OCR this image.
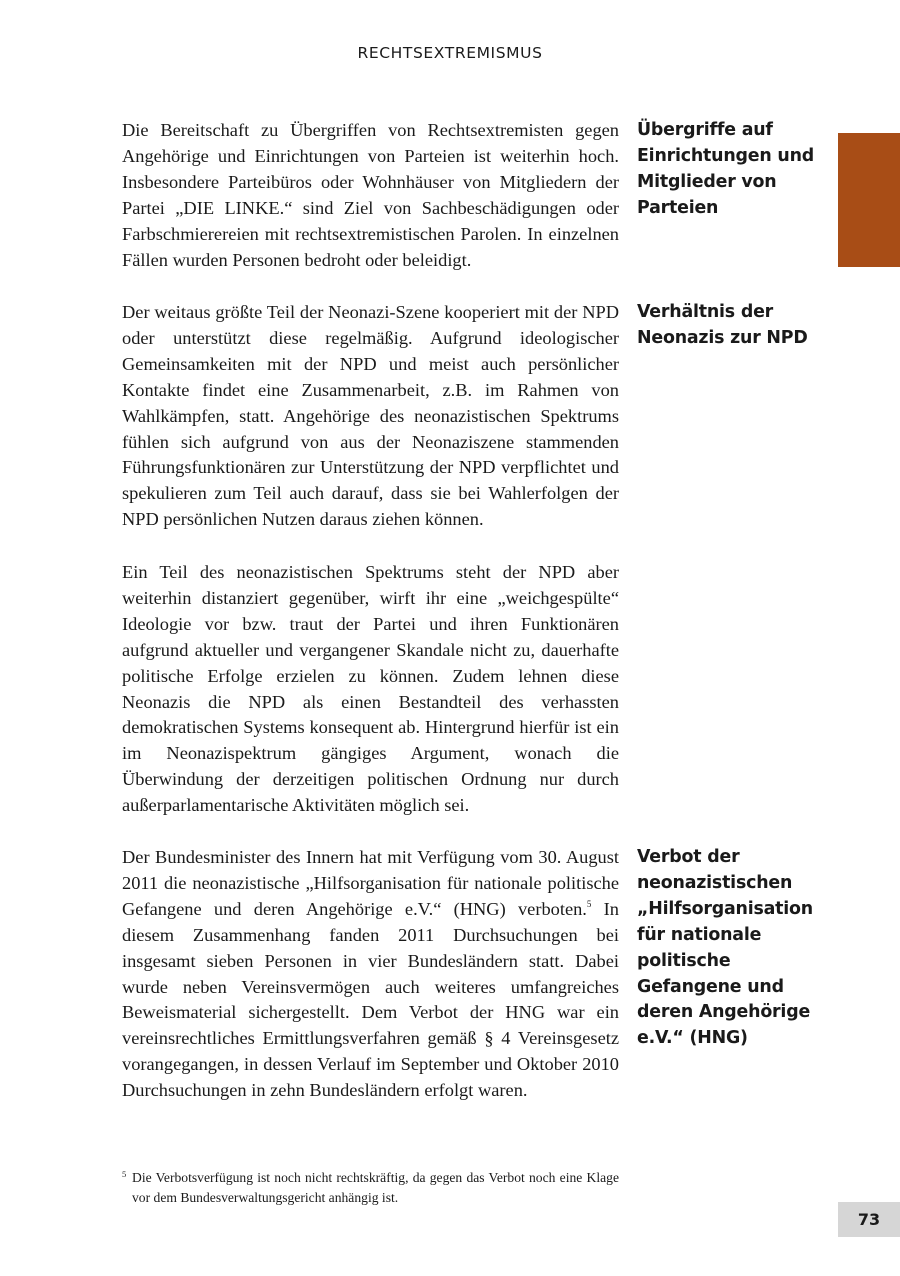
RECHTSEXTREMISMUS

Die Bereitschaft zu Übergriffen von Rechtsextremisten gegen Angehörige und Einrichtungen von Parteien ist weiterhin hoch. Insbesondere Parteibüros oder Wohnhäuser von Mitgliedern der Partei „DIE LINKE.“ sind Ziel von Sachbeschädigungen oder Farbschmierereien mit rechtsextremistischen Parolen. In einzelnen Fällen wurden Personen bedroht oder beleidigt.

Übergriffe auf Einrichtungen und Mitglieder von Parteien

Der weitaus größte Teil der Neonazi-Szene kooperiert mit der NPD oder unterstützt diese regelmäßig. Aufgrund ideologischer Gemeinsamkeiten mit der NPD und meist auch persönlicher Kontakte findet eine Zusammenarbeit, z.B. im Rahmen von Wahlkämpfen, statt. Angehörige des neonazistischen Spektrums fühlen sich aufgrund von aus der Neonaziszene stammenden Führungsfunktionären zur Unterstützung der NPD verpflichtet und spekulieren zum Teil auch darauf, dass sie bei Wahlerfolgen der NPD persönlichen Nutzen daraus ziehen können.

Verhältnis der Neonazis zur NPD

Ein Teil des neonazistischen Spektrums steht der NPD aber weiterhin distanziert gegenüber, wirft ihr eine „weichgespülte“ Ideologie vor bzw. traut der Partei und ihren Funktionären aufgrund aktueller und vergangener Skandale nicht zu, dauerhafte politische Erfolge erzielen zu können. Zudem lehnen diese Neonazis die NPD als einen Bestandteil des verhassten demokratischen Systems konsequent ab. Hintergrund hierfür ist ein im Neonazispektrum gängiges Argument, wonach die Überwindung der derzeitigen politischen Ordnung nur durch außerparlamentarische Aktivitäten möglich sei.

Der Bundesminister des Innern hat mit Verfügung vom 30. August 2011 die neonazistische „Hilfsorganisation für nationale politische Gefangene und deren Angehörige e.V.“ (HNG) verboten.$^5$ In diesem Zusammenhang fanden 2011 Durchsuchungen bei insgesamt sieben Personen in vier Bundesländern statt. Dabei wurde neben Vereinsvermögen auch weiteres umfangreiches Beweismaterial sichergestellt. Dem Verbot der HNG war ein vereinsrechtliches Ermittlungsverfahren gemäß § 4 Vereinsgesetz vorangegangen, in dessen Verlauf im September und Oktober 2010 Durchsuchungen in zehn Bundesländern erfolgt waren.

Verbot der neonazistischen „Hilfsorganisation für nationale politische Gefangene und deren Angehörige e.V.“ (HNG)

5 Die Verbotsverfügung ist noch nicht rechtskräftig, da gegen das Verbot noch eine Klage vor dem Bundesverwaltungsgericht anhängig ist.
73
